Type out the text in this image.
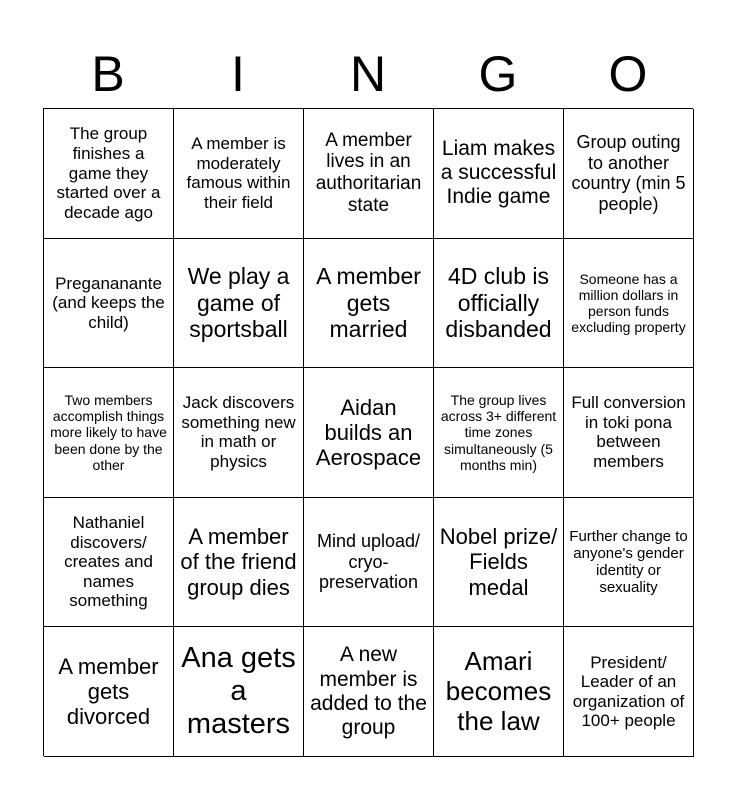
B	I	N	G	O
The group finishes a game they started over a decade ago
A member is moderately famous within their field
A member lives in an authoritarian state
Liam makes a successful Indie game
Group outing to another country (min 5 people)
Pregananante (and keeps the child)
We play a game of sportsball
A member gets married
4D club is officially disbanded
Someone has a million dollars in person funds excluding property
Two members accomplish things more likely to have been done by the other
Jack discovers something new in math or physics
Aidan builds an Aerospace
The group lives across 3+ different time zones simultaneously (5 months min)
Full conversion in toki pona between members
Nathaniel discovers/ creates and names something
A member of the friend group dies
Mind upload/ cryo-preservation
Nobel prize/ Fields medal
Further change to anyone's gender identity or sexuality
A member gets divorced
Ana gets a masters
A new member is added to the group
Amari becomes the law
President/ Leader of an organization of 100+ people
